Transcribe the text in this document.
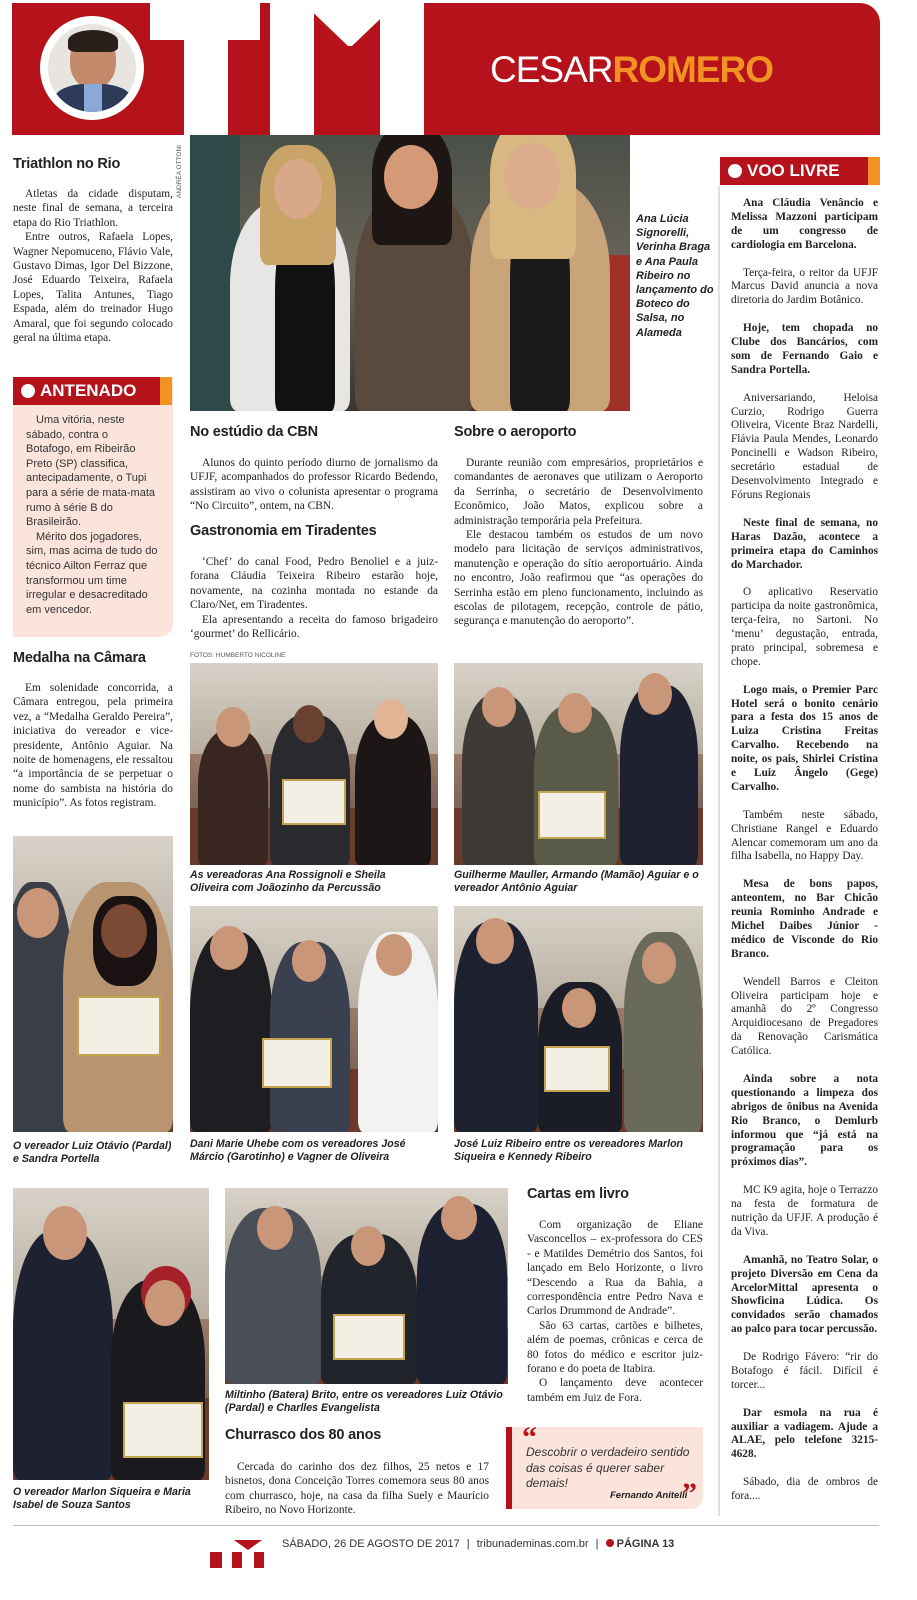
CESARROMERO
ANDRÉA OTTONI
Ana Lúcia Signorelli, Verinha Braga e Ana Paula Ribeiro no lançamento do Boteco do Salsa, no Alameda
Triathlon no Rio

Atletas da cidade disputam, neste final de semana, a terceira etapa do Rio Triathlon.

Entre outros, Rafaela Lopes, Wagner Nepomuceno, Flávio Vale, Gustavo Dimas, Igor Del Bizzone, José Eduardo Teixeira, Rafaela Lopes, Talita Antunes, Tiago Espada, além do treinador Hugo Amaral, que foi segundo colocado geral na última etapa.

ANTENADO

Uma vitória, neste sábado, contra o Botafogo, em Ribeirão Preto (SP) classifica, antecipadamente, o Tupi para a série de mata-mata rumo à série B do Brasileirão.

Mérito dos jogadores, sim, mas acima de tudo do técnico Ailton Ferraz que transformou um time irregular e desacreditado em vencedor.

Medalha na Câmara

Em solenidade concorrida, a Câmara entregou, pela primeira vez, a “Medalha Geraldo Pereira”, iniciativa do vereador e vice-presidente, Antônio Aguiar. Na noite de homenagens, ele ressaltou “a importância de se perpetuar o nome do sambista na história do município”. As fotos registram.

No estúdio da CBN

Alunos do quinto período diurno de jornalismo da UFJF, acompanhados do professor Ricardo Bedendo, assistiram ao vivo o colunista apresentar o programa “No Circuito”, ontem, na CBN.

Gastronomia em Tiradentes

‘Chef’ do canal Food, Pedro Benoliel e a juiz-forana Cláudia Teixeira Ribeiro estarão hoje, novamente, na cozinha montada no estande da Claro/Net, em Tiradentes.

Ela apresentando a receita do famoso brigadeiro ‘gourmet’ do Rellicário.

FOTOS: HUMBERTO NICOLINE
Sobre o aeroporto

Durante reunião com empresários, proprietários e comandantes de aeronaves que utilizam o Aeroporto da Serrinha, o secretário de Desenvolvimento Econômico, João Matos, explicou sobre a administração temporária pela Prefeitura.

Ele destacou também os estudos de um novo modelo para licitação de serviços administrativos, manutenção e operação do sítio aeroportuário. Ainda no encontro, João reafirmou que “as operações do Serrinha estão em pleno funcionamento, incluindo as escolas de pilotagem, recepção, controle de pátio, segurança e manutenção do aeroporto”.

As vereadoras Ana Rossignoli e Sheila Oliveira com Joãozinho da Percussão
Guilherme Mauller, Armando (Mamão) Aguiar e o vereador Antônio Aguiar
O vereador Luiz Otávio (Pardal) e Sandra Portella
Dani Marie Uhebe com os vereadores José Márcio (Garotinho) e Vagner de Oliveira
José Luiz Ribeiro entre os vereadores Marlon Siqueira e Kennedy Ribeiro
O vereador Marlon Siqueira e Maria Isabel de Souza Santos
Miltinho (Batera) Brito, entre os vereadores Luiz Otávio (Pardal) e Charlles Evangelista
Cartas em livro

Com organização de Eliane Vasconcellos – ex-professora do CES - e Matildes Demétrio dos Santos, foi lançado em Belo Horizonte, o livro “Descendo a Rua da Bahia, a correspondência entre Pedro Nava e Carlos Drummond de Andrade”.

São 63 cartas, cartões e bilhetes, além de poemas, crônicas e cerca de 80 fotos do médico e escritor juiz-forano e do poeta de Itabira.

O lançamento deve acontecer também em Juiz de Fora.

Churrasco dos 80 anos

Cercada do carinho dos dez filhos, 25 netos e 17 bisnetos, dona Conceição Torres comemora seus 80 anos com churrasco, hoje, na casa da filha Suely e Maurício Ribeiro, no Novo Horizonte.

“
Descobrir o verdadeiro sentido das coisas é querer saber demais!
Fernando Anitelli
”
VOO LIVRE

Ana Cláudia Venâncio e Melissa Mazzoni participam de um congresso de cardiologia em Barcelona.

Terça-feira, o reitor da UFJF Marcus David anuncia a nova diretoria do Jardim Botânico.

Hoje, tem chopada no Clube dos Bancários, com som de Fernando Gaio e Sandra Portella.

Aniversariando, Heloisa Curzio, Rodrigo Guerra Oliveira, Vicente Braz Nardelli, Flávia Paula Mendes, Leonardo Poncinelli e Wadson Ribeiro, secretário estadual de Desenvolvimento Integrado e Fóruns Regionais

Neste final de semana, no Haras Dazão, acontece a primeira etapa do Caminhos do Marchador.

O aplicativo Reservatio participa da noite gastronômica, terça-feira, no Sartoni. No ‘menu’ degustação, entrada, prato principal, sobremesa e chope.

Logo mais, o Premier Parc Hotel será o bonito cenário para a festa dos 15 anos de Luiza Cristina Freitas Carvalho. Recebendo na noite, os pais, Shirlei Cristina e Luiz Ângelo (Gege) Carvalho.

Também neste sábado, Christiane Rangel e Eduardo Alencar comemoram um ano da filha Isabella, no Happy Day.

Mesa de bons papos, anteontem, no Bar Chicão reunia Rominho Andrade e Michel Daibes Júnior - médico de Visconde do Rio Branco.

Wendell Barros e Cleiton Oliveira participam hoje e amanhã do 2º Congresso Arquidiocesano de Pregadores da Renovação Carismática Católica.

Ainda sobre a nota questionando a limpeza dos abrigos de ônibus na Avenida Rio Branco, o Demlurb informou que “já está na programação para os próximos dias”.

MC K9 agita, hoje o Terrazzo na festa de formatura de nutrição da UFJF. A produção é da Viva.

Amanhã, no Teatro Solar, o projeto Diversão em Cena da ArcelorMittal apresenta o Showficina Lúdica. Os convidados serão chamados ao palco para tocar percussão.

De Rodrigo Fávero: “rir do Botafogo é fácil. Difícil é torcer...

Dar esmola na rua é auxiliar a vadiagem. Ajude a ALAE, pelo telefone 3215-4628.

Sábado, dia de ombros de fora....

SÁBADO, 26 DE AGOSTO DE 2017 | tribunademinas.com.br | PÁGINA 13
